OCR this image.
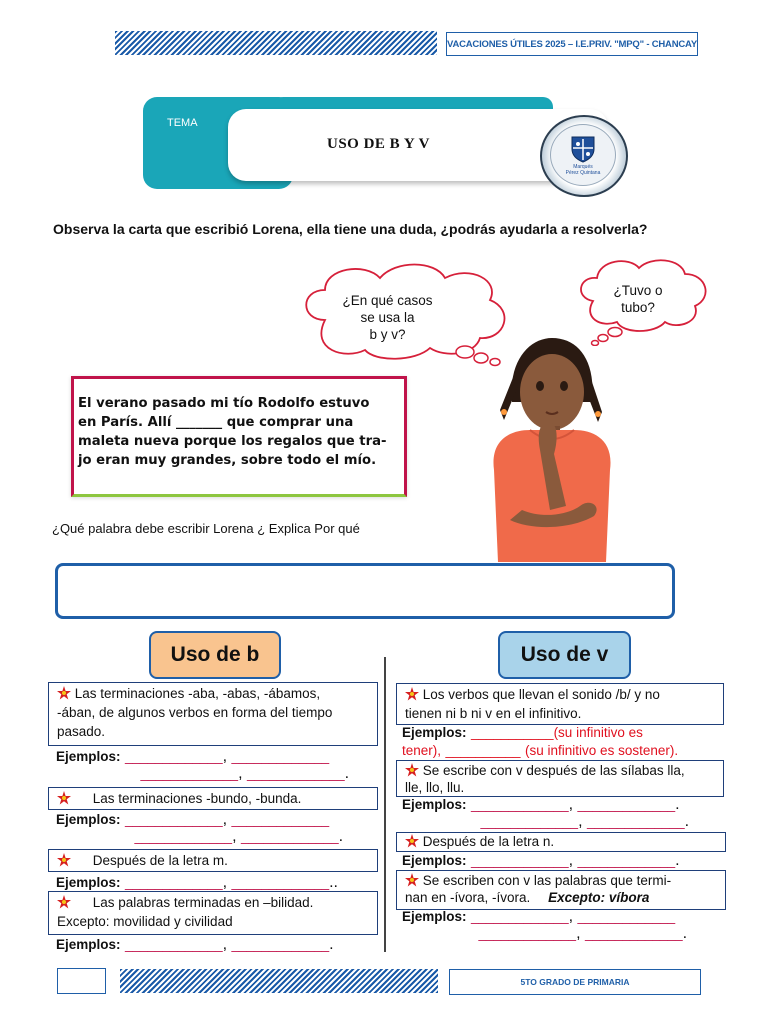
VACACIONES ÚTILES 2025 – I.E.PRIV. "MPQ" - CHANCAY
TEMA
USO DE B Y V
Marqués
Pérez Quintana
Observa la carta que escribió Lorena, ella tiene una duda, ¿podrás ayudarla a resolverla?
¿En qué casos
se usa la
b y v?
¿Tuvo o
tubo?
El verano pasado mi tío Rodolfo estuvo
en París. Allí _______ que comprar una
maleta nueva porque los regalos que tra-
jo eran muy grandes, sobre todo el mío.
¿Qué palabra debe escribir Lorena ¿ Explica Por qué
Uso de b	Uso de v
Las terminaciones -aba, -abas, -ábamos,
-ában, de algunos verbos en forma del tiempo
pasado.
Ejemplos: _____________, _____________
_____________, _____________.
Las terminaciones -bundo, -bunda.
Ejemplos: _____________, _____________
_____________, _____________.
Después de la letra m.
Ejemplos: _____________, _____________..
Las palabras terminadas en –bilidad.
Excepto: movilidad y civilidad
Ejemplos: _____________, _____________.
Los verbos que llevan el sonido /b/ y no
tienen ni b ni v en el infinitivo.
Ejemplos: ___________(su infinitivo es
tener), __________ (su infinitivo es sostener).
Se escribe con v después de las sílabas lla,
lle, llo, llu.
Ejemplos: _____________, _____________.
_____________, _____________.
Después de la letra n.
Ejemplos: _____________, _____________.
Se escriben con v las palabras que termi-
nan en -ívora, -ívora. Excepto: víbora
Ejemplos: _____________, _____________
_____________, _____________.
5TO GRADO DE PRIMARIA
